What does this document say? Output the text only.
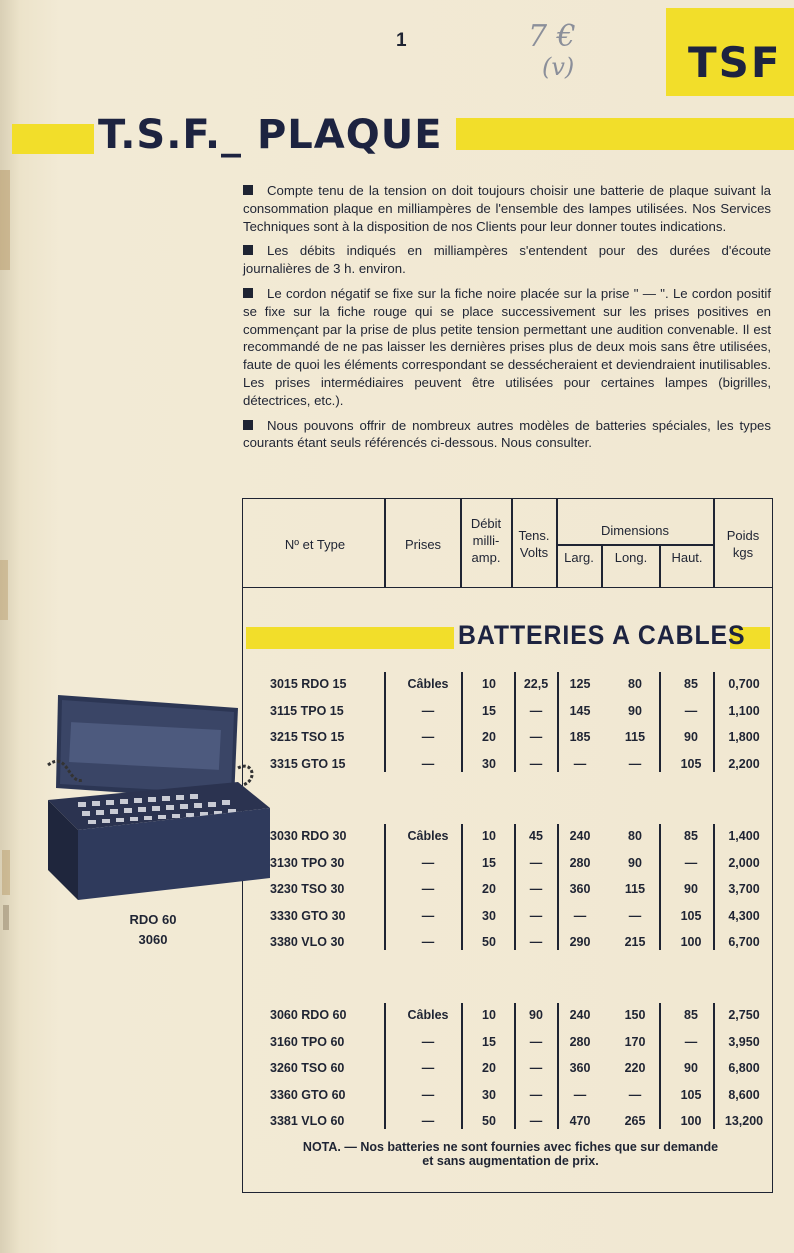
1	7 €
(v)	TSF
T.S.F._ PLAQUE

Compte tenu de la tension on doit toujours choisir une batterie de plaque suivant la consommation plaque en milliampères de l'ensemble des lampes utilisées. Nos Services Techniques sont à la disposition de nos Clients pour leur donner toutes indications.

Les débits indiqués en milliampères s'entendent pour des durées d'écoute journalières de 3 h. environ.

Le cordon négatif se fixe sur la fiche noire placée sur la prise " — ". Le cordon positif se fixe sur la fiche rouge qui se place successivement sur les prises positives en commençant par la prise de plus petite tension permettant une audition convenable. Il est recommandé de ne pas laisser les dernières prises plus de deux mois sans être utilisées, faute de quoi les éléments correspondant se dessécheraient et deviendraient inutilisables. Les prises intermédiaires peuvent être utilisées pour certaines lampes (bigrilles, détectrices, etc.).

Nous pouvons offrir de nombreux autres modèles de batteries spéciales, les types courants étant seuls référencés ci-dessous. Nous consulter.

Nº et Type	Prises
Débit
milli-
amp.
Tens.
Volts
Dimensions
Larg.	Long.	Haut.
Poids
kgs
BATTERIES A CABLES
3015 RDO 15	Câbles	10	22,5	125	80	85	0,700
3115 TPO 15	—	15	—	145	90	—	1,100
3215 TSO 15	—	20	—	185	115	90	1,800
3315 GTO 15	—	30	—	—	—	105	2,200
3030 RDO 30	Câbles	10	45	240	80	85	1,400
3130 TPO 30	—	15	—	280	90	—	2,000
3230 TSO 30	—	20	—	360	115	90	3,700
3330 GTO 30	—	30	—	—	—	105	4,300
3380 VLO 30	—	50	—	290	215	100	6,700
3060 RDO 60	Câbles	10	90	240	150	85	2,750
3160 TPO 60	—	15	—	280	170	—	3,950
3260 TSO 60	—	20	—	360	220	90	6,800
3360 GTO 60	—	30	—	—	—	105	8,600
3381 VLO 60	—	50	—	470	265	100	13,200
NOTA. — Nos batteries ne sont fournies avec fiches que sur demande
et sans augmentation de prix.
RDO 60
3060
